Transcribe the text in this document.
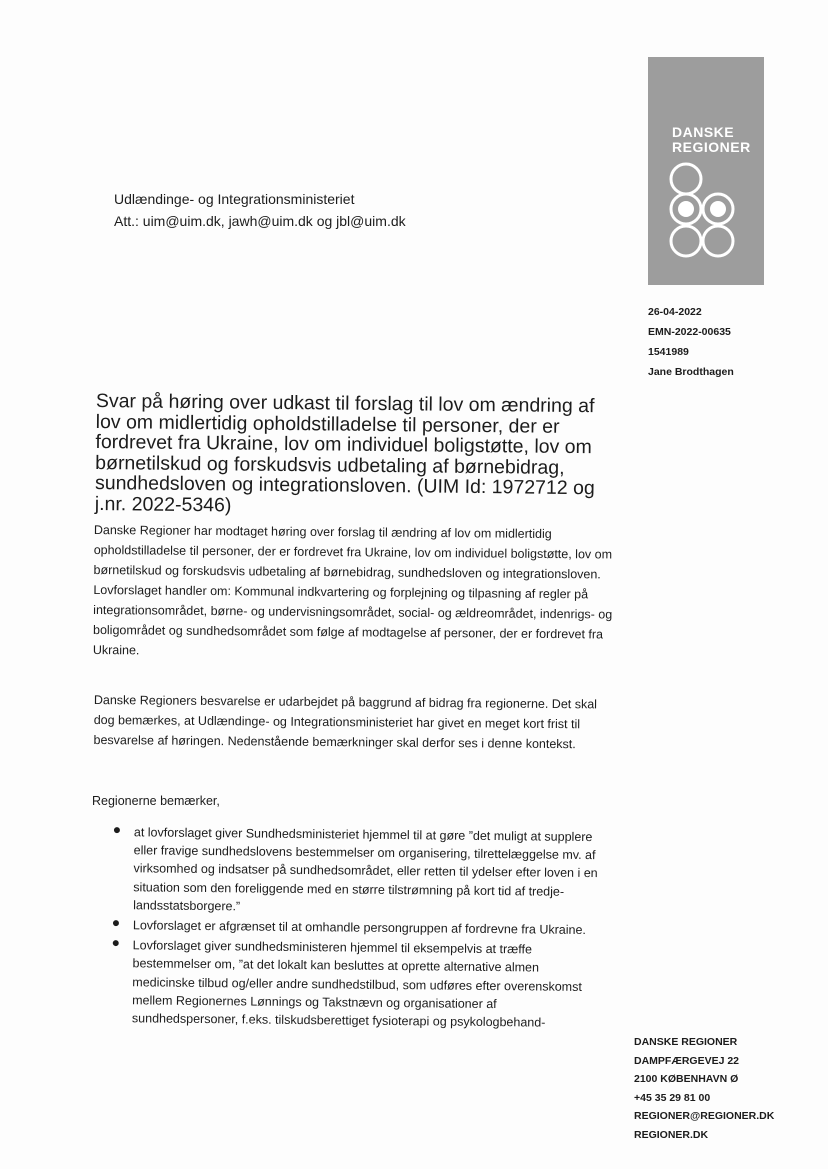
Udlændinge- og Integrationsministeriet
Att.: uim@uim.dk, jawh@uim.dk og jbl@uim.dk
DANSKE
REGIONER
26-04-2022
EMN-2022-00635
1541989
Jane Brodthagen
Svar på høring over udkast til forslag til lov om ændring af lov om midlertidig opholdstilladelse til personer, der er fordrevet fra Ukraine, lov om individuel boligstøtte, lov om børnetilskud og forskudsvis udbetaling af børnebidrag, sundhedsloven og integrationsloven. (UIM Id: 1972712 og j.nr. 2022-5346)

Danske Regioner har modtaget høring over forslag til ændring af lov om midlertidig opholdstilladelse til personer, der er fordrevet fra Ukraine, lov om individuel boligstøtte, lov om børnetilskud og forskudsvis udbetaling af børnebidrag, sundhedsloven og integrationsloven. Lovforslaget handler om: Kommunal indkvartering og forplejning og tilpasning af regler på integrationsområdet, børne- og undervisningsområdet, social- og ældreområdet, indenrigs- og boligområdet og sundhedsområdet som følge af modtagelse af personer, der er fordrevet fra Ukraine.

Danske Regioners besvarelse er udarbejdet på baggrund af bidrag fra regionerne. Det skal dog bemærkes, at Udlændinge- og Integrationsministeriet har givet en meget kort frist til besvarelse af høringen. Nedenstående bemærkninger skal derfor ses i denne kontekst.

Regionerne bemærker,

at lovforslaget giver Sundhedsministeriet hjemmel til at gøre ”det muligt at supplere eller fravige sundhedslovens bestemmelser om organisering, tilrettelæggelse mv. af virksomhed og indsatser på sundhedsområdet, eller retten til ydelser efter loven i en situation som den foreliggende med en større tilstrømning på kort tid af tredje-landsstatsborgere.”
Lovforslaget er afgrænset til at omhandle persongruppen af fordrevne fra Ukraine.
Lovforslaget giver sundhedsministeren hjemmel til eksempelvis at træffe bestemmelser om, ”at det lokalt kan besluttes at oprette alternative almen medicinske tilbud og/eller andre sundhedstilbud, som udføres efter overenskomst mellem Regionernes Lønnings og Takstnævn og organisationer af sundhedspersoner, f.eks. tilskudsberettiget fysioterapi og psykologbehand-
DANSKE REGIONER
DAMPFÆRGEVEJ 22
2100 KØBENHAVN Ø
+45 35 29 81 00
REGIONER@REGIONER.DK
REGIONER.DK
